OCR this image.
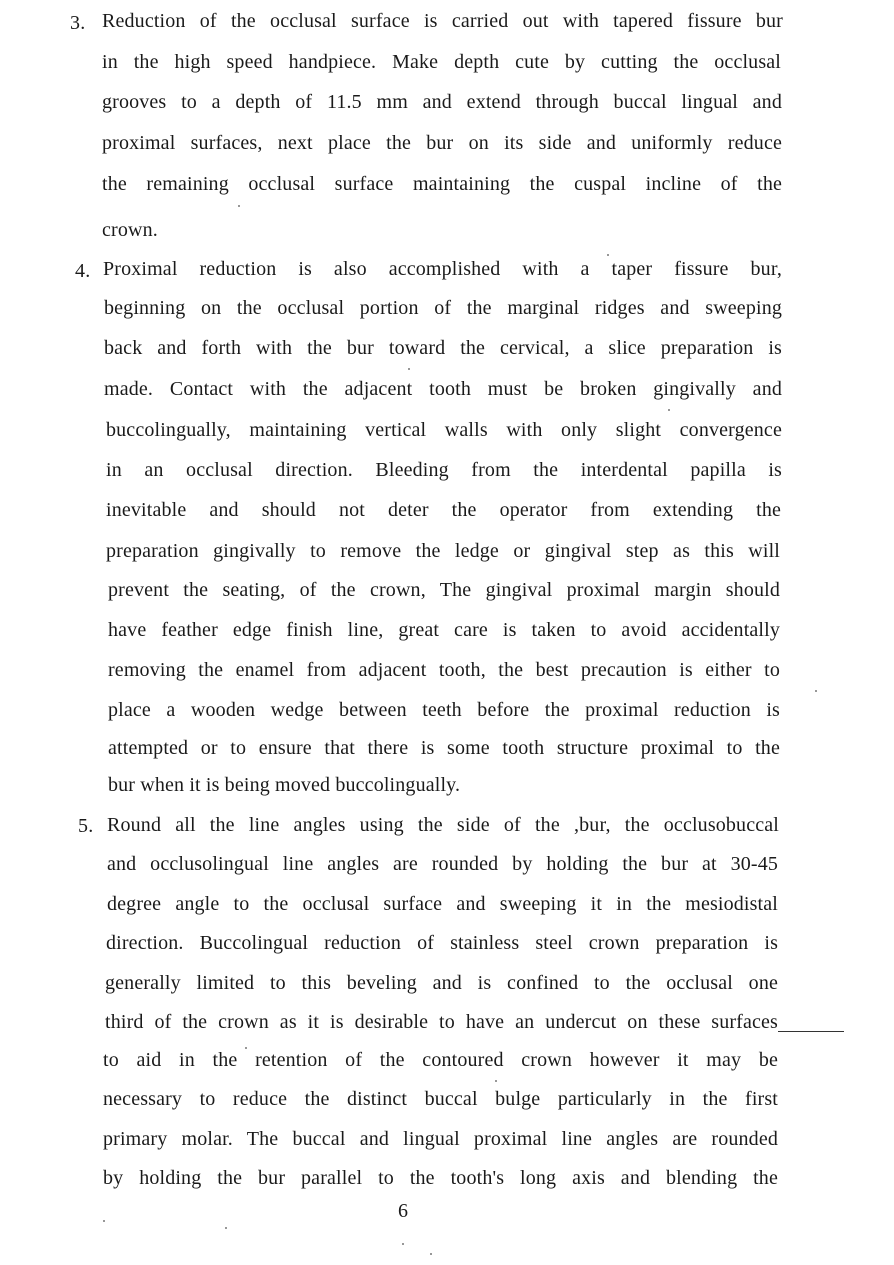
3. Reduction of the occlusal surface is carried out with tapered fissure bur
in the high speed handpiece. Make depth cute by cutting the occlusal
grooves to a depth of 11.5 mm and extend through buccal lingual and
proximal surfaces, next place the bur on its side and uniformly reduce
the remaining occlusal surface maintaining the cuspal incline of the
crown.
4. Proximal reduction is also accomplished with a taper fissure bur,
beginning on the occlusal portion of the marginal ridges and sweeping
back and forth with the bur toward the cervical, a slice preparation is
made. Contact with the adjacent tooth must be broken gingivally and
buccolingually, maintaining vertical walls with only slight convergence
in an occlusal direction. Bleeding from the interdental papilla is
inevitable and should not deter the operator from extending the
preparation gingivally to remove the ledge or gingival step as this will
prevent the seating, of the crown, The gingival proximal margin should
have feather edge finish line, great care is taken to avoid accidentally
removing the enamel from adjacent tooth, the best precaution is either to
place a wooden wedge between teeth before the proximal reduction is
attempted or to ensure that there is some tooth structure proximal to the
bur when it is being moved buccolingually.
5. Round all the line angles using the side of the ,bur, the occlusobuccal
and occlusolingual line angles are rounded by holding the bur at 30-45
degree angle to the occlusal surface and sweeping it in the mesiodistal
direction. Buccolingual reduction of stainless steel crown preparation is
generally limited to this beveling and is confined to the occlusal one
third of the crown as it is desirable to have an undercut on these surfaces
to aid in the retention of the contoured crown however it may be
necessary to reduce the distinct buccal bulge particularly in the first
primary molar. The buccal and lingual proximal line angles are rounded
by holding the bur parallel to the tooth's long axis and blending the
6
